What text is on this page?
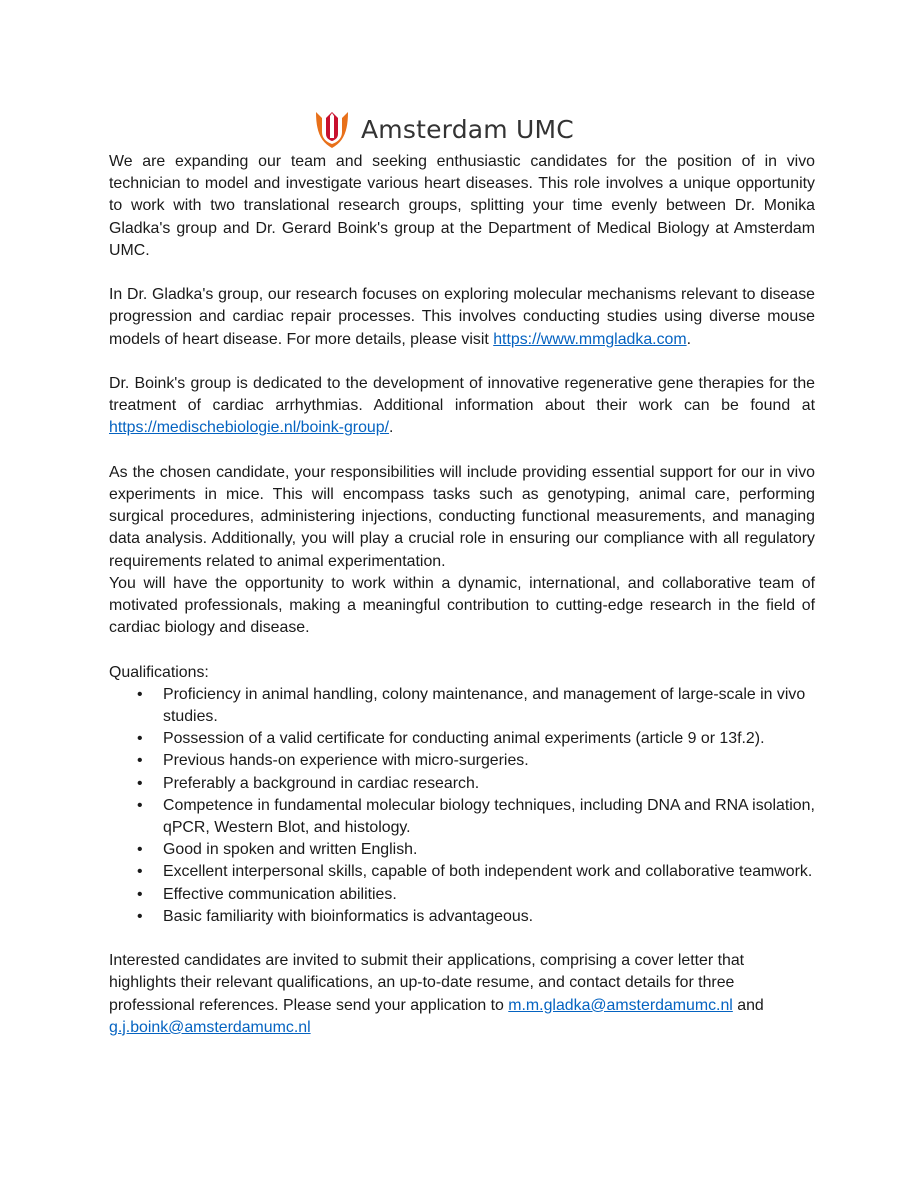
Amsterdam UMC

We are expanding our team and seeking enthusiastic candidates for the position of in vivo technician to model and investigate various heart diseases. This role involves a unique opportunity to work with two translational research groups, splitting your time evenly between Dr. Monika Gladka's group and Dr. Gerard Boink's group at the Department of Medical Biology at Amsterdam UMC.

In Dr. Gladka's group, our research focuses on exploring molecular mechanisms relevant to disease progression and cardiac repair processes. This involves conducting studies using diverse mouse models of heart disease. For more details, please visit https://www.mmgladka.com.

Dr. Boink's group is dedicated to the development of innovative regenerative gene therapies for the treatment of cardiac arrhythmias. Additional information about their work can be found at https://medischebiologie.nl/boink-group/.

As the chosen candidate, your responsibilities will include providing essential support for our in vivo experiments in mice. This will encompass tasks such as genotyping, animal care, performing surgical procedures, administering injections, conducting functional measurements, and managing data analysis. Additionally, you will play a crucial role in ensuring our compliance with all regulatory requirements related to animal experimentation.

You will have the opportunity to work within a dynamic, international, and collaborative team of motivated professionals, making a meaningful contribution to cutting-edge research in the field of cardiac biology and disease.

Qualifications:

• Proficiency in animal handling, colony maintenance, and management of large-scale in vivo studies.
• Possession of a valid certificate for conducting animal experiments (article 9 or 13f.2).
• Previous hands-on experience with micro-surgeries.
• Preferably a background in cardiac research.
• Competence in fundamental molecular biology techniques, including DNA and RNA isolation, qPCR, Western Blot, and histology.
• Good in spoken and written English.
• Excellent interpersonal skills, capable of both independent work and collaborative teamwork.
• Effective communication abilities.
• Basic familiarity with bioinformatics is advantageous.

Interested candidates are invited to submit their applications, comprising a cover letter that highlights their relevant qualifications, an up-to-date resume, and contact details for three professional references. Please send your application to m.m.gladka@amsterdamumc.nl and g.j.boink@amsterdamumc.nl
